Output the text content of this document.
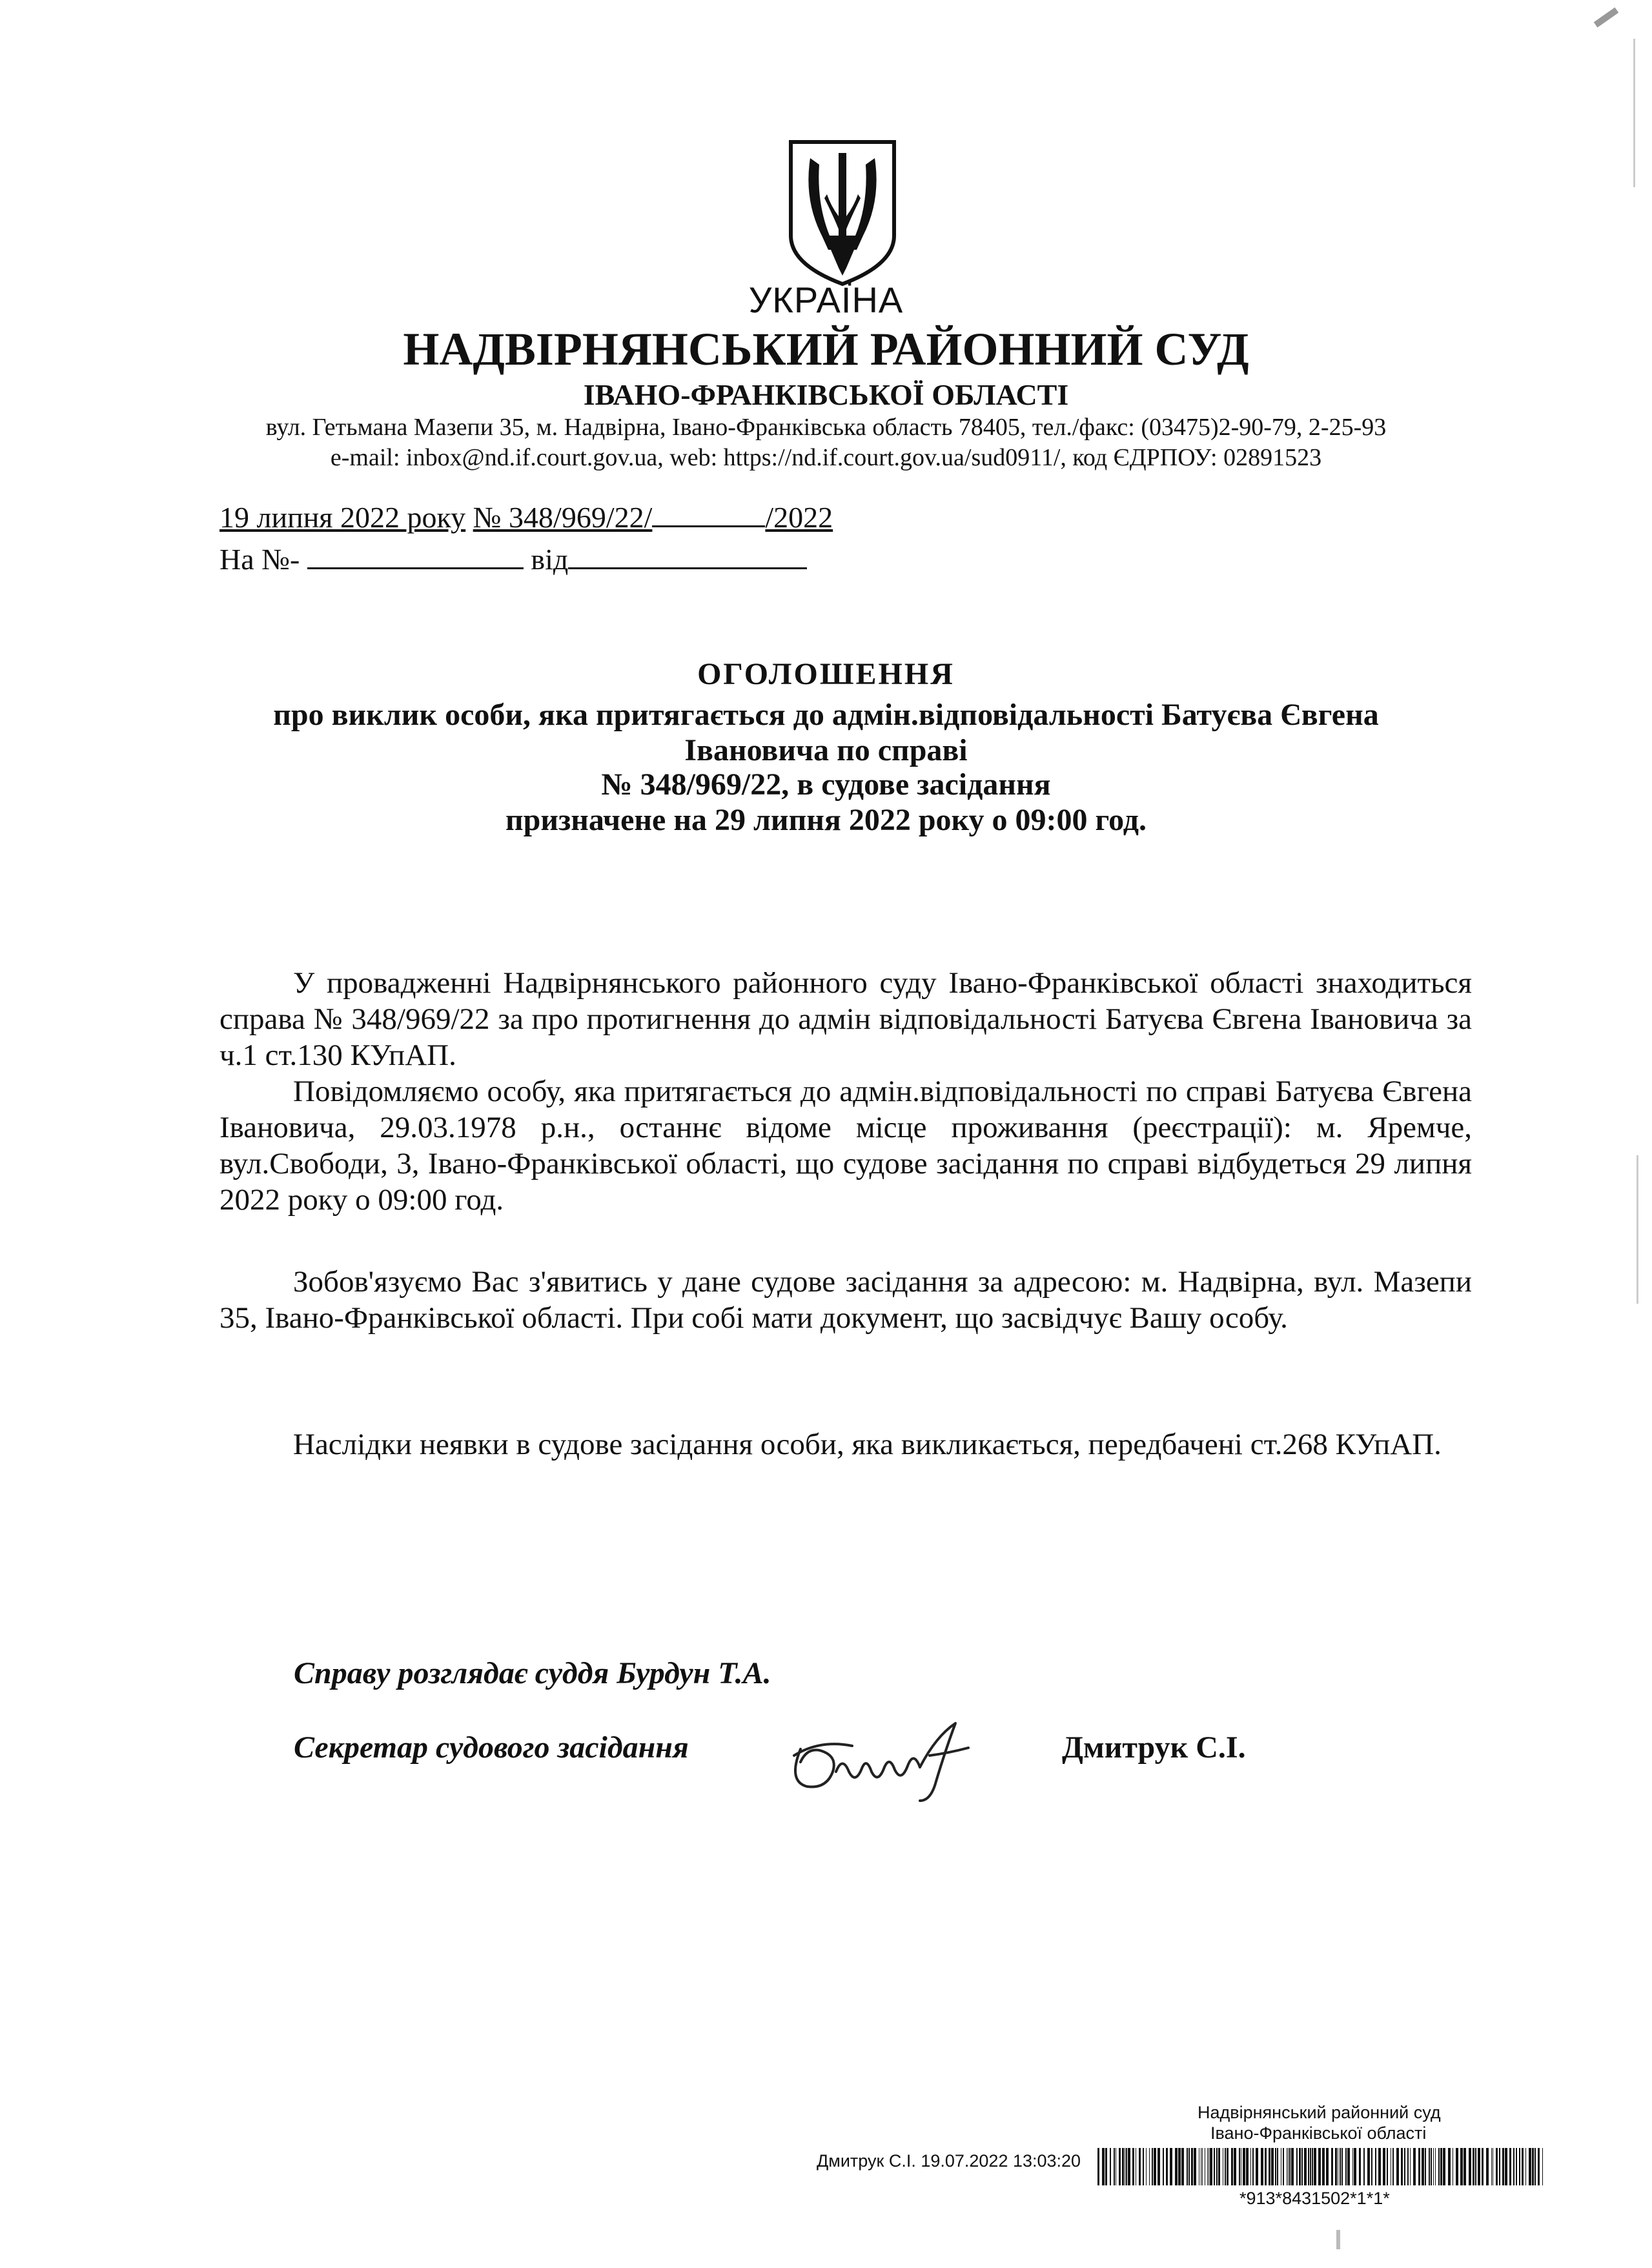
УКРАЇНА
НАДВІРНЯНСЬКИЙ РАЙОННИЙ СУД
ІВАНО-ФРАНКІВСЬКОЇ ОБЛАСТІ
вул. Гетьмана Мазепи 35, м. Надвірна, Івано-Франківська область 78405, тел./факс: (03475)2-90-79, 2-25-93
e-mail: inbox@nd.if.court.gov.ua, web: https://nd.if.court.gov.ua/sud0911/, код ЄДРПОУ: 02891523
19 липня 2022 року № 348/969/22/	/2022
На №-	від
ОГОЛОШЕННЯ
про виклик особи, яка притягається до адмін.відповідальності Батуєва Євгена
Івановича по справі
№ 348/969/22, в судове засідання
призначене на 29 липня 2022 року о 09:00 год.
У провадженні Надвірнянського районного суду Івано-Франківської області знаходиться справа № 348/969/22 за про протигнення до адмін відповідальності Батуєва Євгена Івановича за ч.1 ст.130 КУпАП.
Повідомляємо особу, яка притягається до адмін.відповідальності по справі Батуєва Євгена Івановича, 29.03.1978 р.н., останнє відоме місце проживання (реєстрації): м. Яремче, вул.Свободи, 3, Івано-Франківської області, що судове засідання по справі відбудеться 29 липня 2022 року о 09:00 год.
Зобов'язуємо Вас з'явитись у дане судове засідання за адресою: м. Надвірна, вул. Мазепи 35, Івано-Франківської області. При собі мати документ, що засвідчує Вашу особу.
Наслідки неявки в судове засідання особи, яка викликається, передбачені ст.268 КУпАП.
Справу розглядає суддя Бурдун Т.А.
Секретар судового засідання	Дмитрук С.І.
Надвірнянський районний суд
Івано-Франківської області
Дмитрук С.І. 19.07.2022 13:03:20
*913*8431502*1*1*
